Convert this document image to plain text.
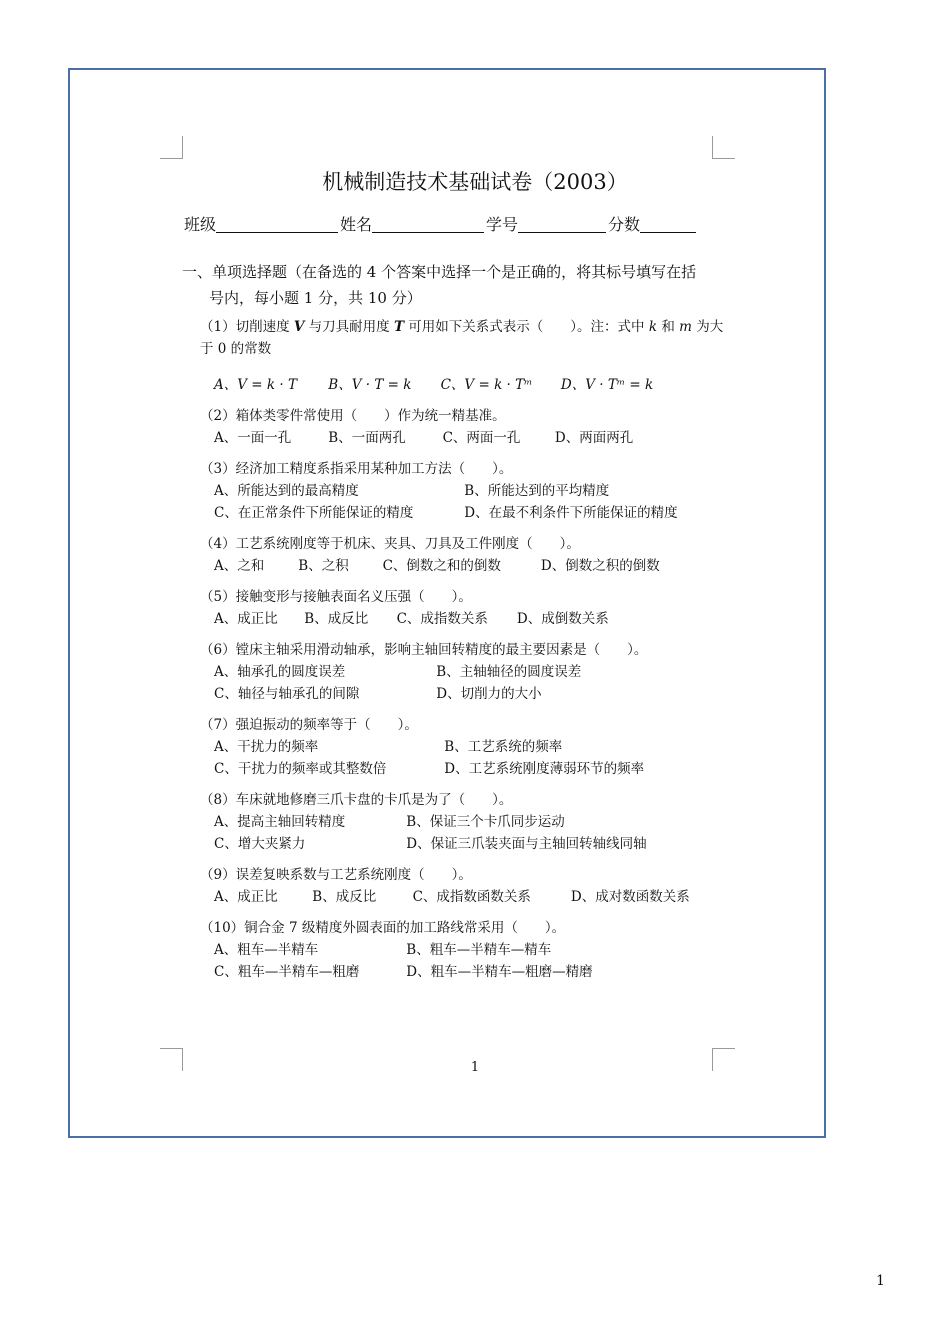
机械制造技术基础试卷（2003）
班级	姓名	学号	分数
一、单项选择题（在备选的 4 个答案中选择一个是正确的，将其标号填写在括
号内，每小题 1 分，共 10 分）
（1）切削速度 V 与刀具耐用度 T 可用如下关系式表示（　　）。注：式中 k 和 m 为大于 0 的常数
A、V = k · T B、V · T = k C、V = k · Tᵐ D、V · Tᵐ = k
（2）箱体类零件常使用（　　）作为统一精基准。
A、一面一孔	B、一面两孔	C、两面一孔	D、两面两孔
（3）经济加工精度系指采用某种加工方法（　　）。
A、所能达到的最高精度	B、所能达到的平均精度
C、在正常条件下所能保证的精度	D、在最不利条件下所能保证的精度
（4）工艺系统刚度等于机床、夹具、刀具及工件刚度（　　）。
A、之和	B、之积	C、倒数之和的倒数	D、倒数之积的倒数
（5）接触变形与接触表面名义压强（　　）。
A、成正比 B、成反比 C、成指数关系 D、成倒数关系
（6）镗床主轴采用滑动轴承，影响主轴回转精度的最主要因素是（　　）。
A、轴承孔的圆度误差	B、主轴轴径的圆度误差
C、轴径与轴承孔的间隙	D、切削力的大小
（7）强迫振动的频率等于（　　）。
A、干扰力的频率	B、工艺系统的频率
C、干扰力的频率或其整数倍	D、工艺系统刚度薄弱环节的频率
（8）车床就地修磨三爪卡盘的卡爪是为了（　　）。
A、提高主轴回转精度	B、保证三个卡爪同步运动
C、增大夹紧力	D、保证三爪装夹面与主轴回转轴线同轴
（9）误差复映系数与工艺系统刚度（　　）。
A、成正比	B、成反比	C、成指数函数关系	D、成对数函数关系
（10）铜合金 7 级精度外圆表面的加工路线常采用（　　）。
A、粗车—半精车	B、粗车—半精车—精车
C、粗车—半精车—粗磨	D、粗车—半精车—粗磨—精磨
1
1
